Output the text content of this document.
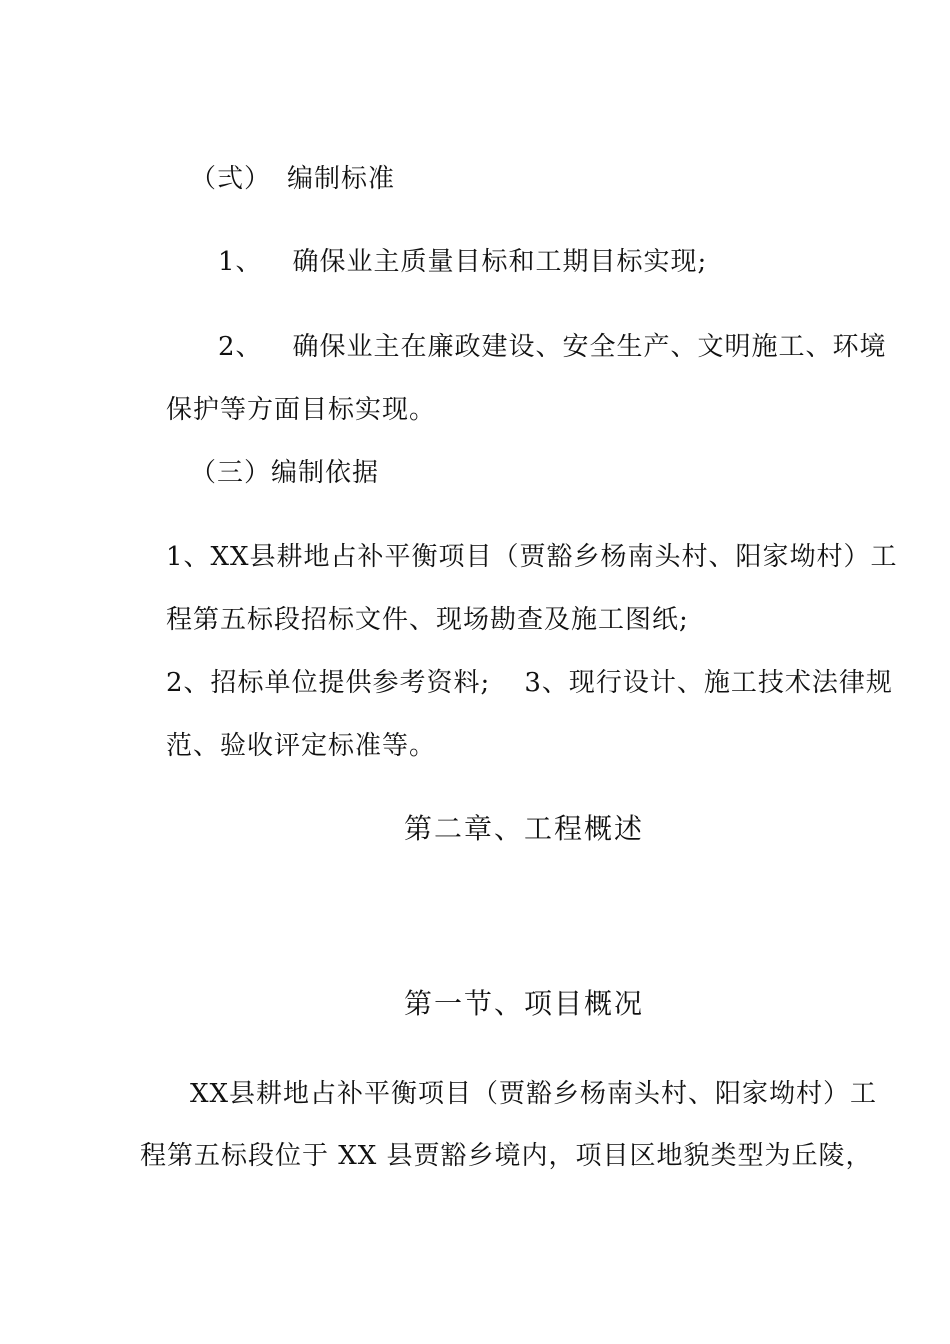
（弍） 编制标准
1、 确保业主质量目标和工期目标实现;
2、 确保业主在廉政建设、安全生产、文明施工、环境
保护等方面目标实现。
（三）编制依据
1、XX县耕地占补平衡项目（贾豁乡杨南头村、阳家坳村）工
程第五标段招标文件、现场勘查及施工图纸;
2、招标单位提供参考资料; 3、现行设计、施工技术法律规
范、验收评定标准等。
第二章、工程概述
第一节、项目概况
XX县耕地占补平衡项目（贾豁乡杨南头村、阳家坳村）工
程第五标段位于 XX 县贾豁乡境内，项目区地貌类型为丘陵，
